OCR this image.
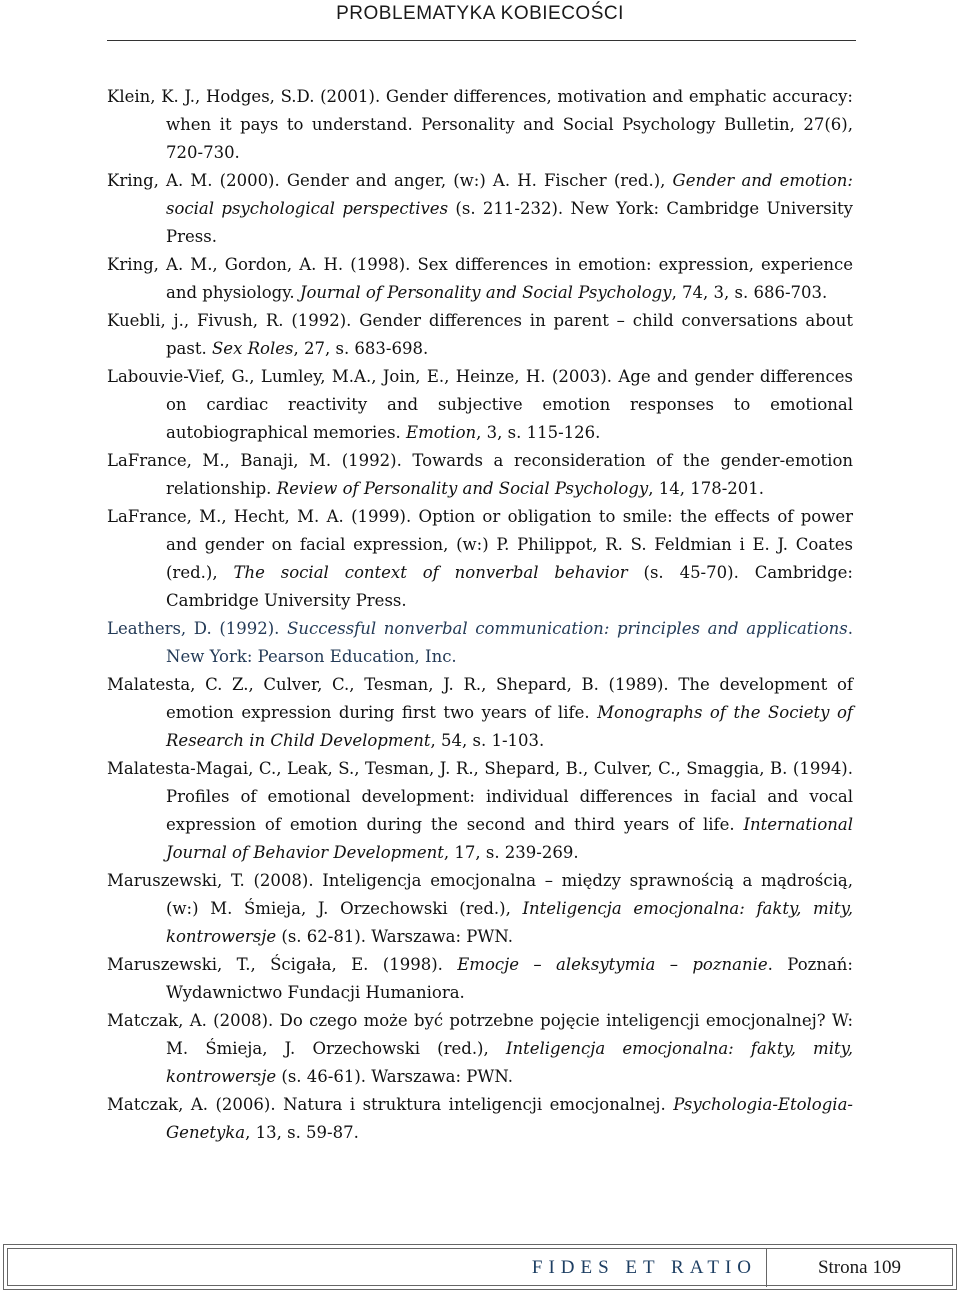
PROBLEMATYKA KOBIECOŚCI
Klein, K. J., Hodges, S.D. (2001). Gender differences, motivation and emphatic accuracy: when it pays to understand. Personality and Social Psychology Bulletin, 27(6), 720-730.
Kring, A. M. (2000). Gender and anger, (w:) A. H. Fischer (red.), Gender and emotion: social psychological perspectives (s. 211-232). New York: Cambridge University Press.
Kring, A. M., Gordon, A. H. (1998). Sex differences in emotion: expression, experience and physiology. Journal of Personality and Social Psychology, 74, 3, s. 686-703.
Kuebli, j., Fivush, R. (1992). Gender differences in parent – child conversations about past. Sex Roles, 27, s. 683-698.
Labouvie-Vief, G., Lumley, M.A., Join, E., Heinze, H. (2003). Age and gender differences on cardiac reactivity and subjective emotion responses to emotional autobiographical memories. Emotion, 3, s. 115-126.
LaFrance, M., Banaji, M. (1992). Towards a reconsideration of the gender-emotion relationship. Review of Personality and Social Psychology, 14, 178-201.
LaFrance, M., Hecht, M. A. (1999). Option or obligation to smile: the effects of power and gender on facial expression, (w:) P. Philippot, R. S. Feldmian i E. J. Coates (red.), The social context of nonverbal behavior (s. 45-70). Cambridge: Cambridge University Press.
Leathers, D. (1992). Successful nonverbal communication: principles and applications. New York: Pearson Education, Inc.
Malatesta, C. Z., Culver, C., Tesman, J. R., Shepard, B. (1989). The development of emotion expression during first two years of life. Monographs of the Society of Research in Child Development, 54, s. 1-103.
Malatesta-Magai, C., Leak, S., Tesman, J. R., Shepard, B., Culver, C., Smaggia, B. (1994). Profiles of emotional development: individual differences in facial and vocal expression of emotion during the second and third years of life. International Journal of Behavior Development, 17, s. 239-269.
Maruszewski, T. (2008). Inteligencja emocjonalna – między sprawnością a mądrością, (w:) M. Śmieja, J. Orzechowski (red.), Inteligencja emocjonalna: fakty, mity, kontrowersje (s. 62-81). Warszawa: PWN.
Maruszewski, T., Ścigała, E. (1998). Emocje – aleksytymia – poznanie. Poznań: Wydawnictwo Fundacji Humaniora.
Matczak, A. (2008). Do czego może być potrzebne pojęcie inteligencji emocjonalnej? W: M. Śmieja, J. Orzechowski (red.), Inteligencja emocjonalna: fakty, mity, kontrowersje (s. 46-61). Warszawa: PWN.
Matczak, A. (2006). Natura i struktura inteligencji emocjonalnej. Psychologia-Etologia-Genetyka, 13, s. 59-87.
FIDES ET RATIO	Strona 109
